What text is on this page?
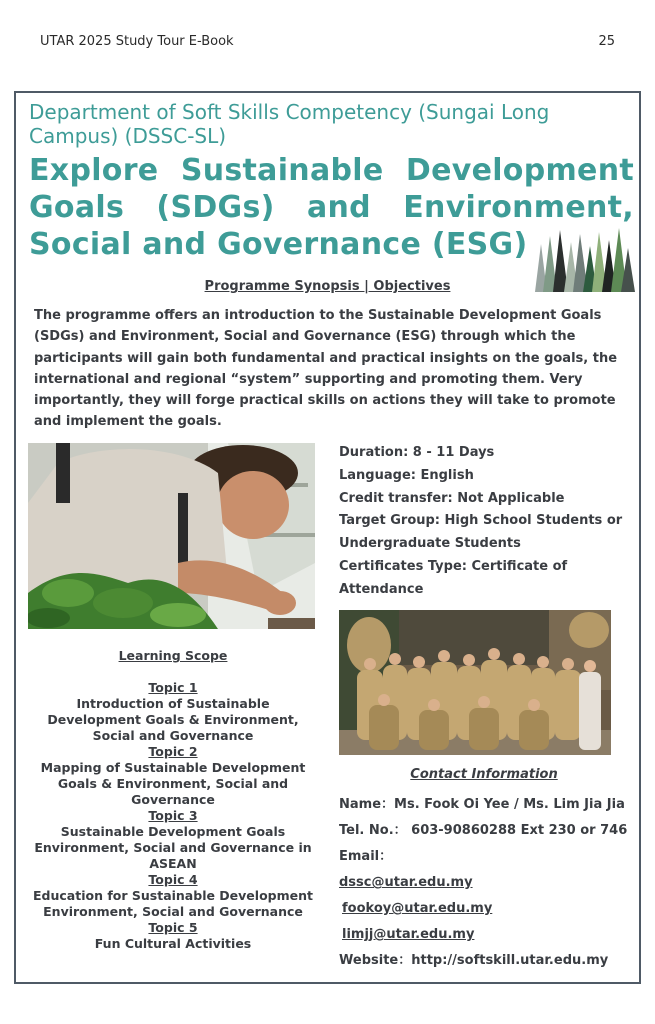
UTAR 2025 Study Tour E-Book	25
Department of Soft Skills Competency (Sungai Long Campus) (DSSC-SL)
Explore Sustainable Development Goals (SDGs) and Environment, Social and Governance (ESG)
Programme Synopsis | Objectives
The programme offers an introduction to the Sustainable Development Goals (SDGs) and Environment, Social and Governance (ESG) through which the participants will gain both fundamental and practical insights on the goals, the international and regional “system” supporting and promoting them. Very importantly, they will forge practical skills on actions they will take to promote and implement the goals.
Duration: 8 - 11 Days
Language: English
Credit transfer: Not Applicable
Target Group: High School Students or Undergraduate Students
Certificates Type: Certificate of Attendance
Learning Scope
Topic 1
Introduction of Sustainable Development Goals & Environment, Social and Governance
Topic 2
Mapping of Sustainable Development Goals & Environment, Social and Governance
Topic 3
Sustainable Development Goals Environment, Social and Governance in ASEAN
Topic 4
Education for Sustainable Development Environment, Social and Governance
Topic 5
Fun Cultural Activities
Contact Information
Name：Ms. Fook Oi Yee / Ms. Lim Jia Jia
Tel. No.： 603-90860288 Ext 230 or 746
Email：
dssc@utar.edu.my
fookoy@utar.edu.my
limjj@utar.edu.my
Website：http://softskill.utar.edu.my
